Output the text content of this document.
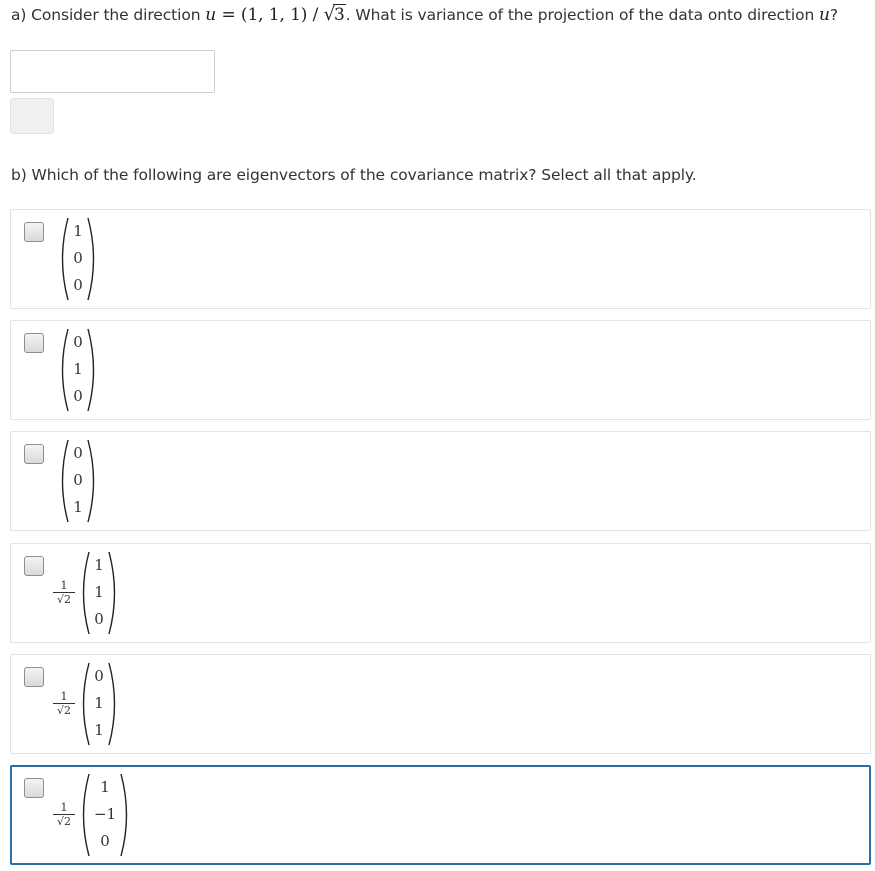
a) Consider the direction u = (1, 1, 1) / √3. What is variance of the projection of the data onto direction u?
b) Which of the following are eigenvectors of the covariance matrix? Select all that apply.
1
0
0
0
1
0
0
0
1
$\frac{1}{√2}$
1
1
0
$\frac{1}{√2}$
0
1
1
$\frac{1}{√2}$
1
−1
0
